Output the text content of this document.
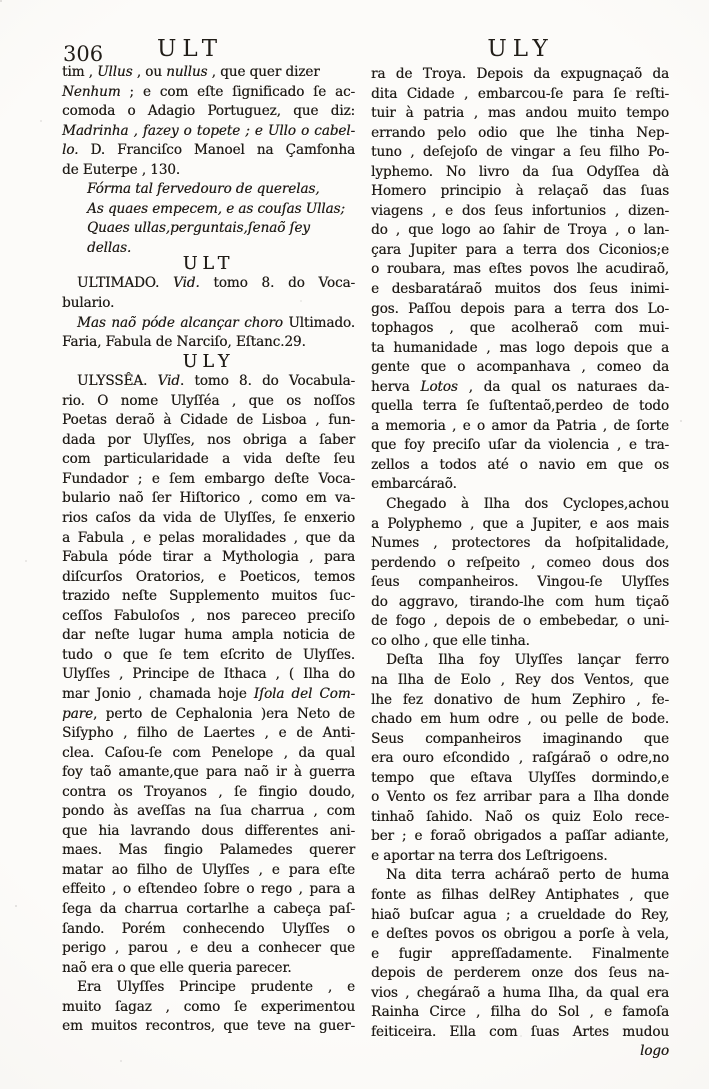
306	ULT	ULY
tim , Ullus , ou nullus , que quer dizer
Nenhum ; e com eſte ſignificado ſe ac-
comoda o Adagio Portuguez, que diz:
Madrinha , fazey o topete ; e Ullo o cabel-
lo. D. Franciſco Manoel na Çamfonha
de Euterpe , 130.
Fórma tal fervedouro de querelas,
As quaes empecem, e as couſas Ullas;
Quaes ullas,perguntais,ſenaõ ſey dellas.
ULT
ULTIMADO. Vid. tomo 8. do Voca-
bulario.
Mas naõ póde alcançar choro Ultimado.
Faria, Fabula de Narciſo, Eſtanc.29.
ULY
ULYSSÊA. Vid. tomo 8. do Vocabula-
rio. O nome Ulyſſéa , que os noſſos
Poetas deraõ à Cidade de Lisboa , fun-
dada por Ulyſſes, nos obriga a ſaber
com particularidade a vida deſte ſeu
Fundador ; e ſem embargo deſte Voca-
bulario naõ ſer Hiſtorico , como em va-
rios caſos da vida de Ulyſſes, ſe enxerio
a Fabula , e pelas moralidades , que da
Fabula póde tirar a Mythologia , para
diſcurſos Oratorios, e Poeticos, temos
trazido neſte Supplemento muitos ſuc-
ceſſos Fabuloſos , nos pareceo preciſo
dar neſte lugar huma ampla noticia de
tudo o que ſe tem eſcrito de Ulyſſes.
Ulyſſes , Principe de Ithaca , ( Ilha do
mar Jonio , chamada hoje Iſola del Com-
pare, perto de Cephalonia )era Neto de
Siſypho , filho de Laertes , e de Anti-
clea. Caſou-ſe com Penelope , da qual
foy taõ amante,que para naõ ir à guerra
contra os Troyanos , ſe fingio doudo,
pondo às aveſſas na ſua charrua , com
que hia lavrando dous differentes ani-
maes. Mas fingio Palamedes querer
matar ao filho de Ulyſſes , e para eſte
effeito , o eſtendeo ſobre o rego , para a
ſega da charrua cortarlhe a cabeça paſ-
ſando. Porém conhecendo Ulyſſes o
perigo , parou , e deu a conhecer que
naõ era o que elle queria parecer.
Era Ulyſſes Principe prudente , e
muito ſagaz , como ſe experimentou
em muitos recontros, que teve na guer-
ra de Troya. Depois da expugnaçaõ da
dita Cidade , embarcou-ſe para ſe reſti-
tuir à patria , mas andou muito tempo
errando pelo odio que lhe tinha Nep-
tuno , deſejoſo de vingar a ſeu filho Po-
lyphemo. No livro da ſua Odyſſea dà
Homero principio à relaçaõ das ſuas
viagens , e dos ſeus infortunios , dizen-
do , que logo ao ſahir de Troya , o lan-
çara Jupiter para a terra dos Ciconios;e
o roubara, mas eſtes povos lhe acudiraõ,
e desbaratáraõ muitos dos ſeus inimi-
gos. Paſſou depois para a terra dos Lo-
tophagos , que acolheraõ com mui-
ta humanidade , mas logo depois que a
gente que o acompanhava , comeo da
herva Lotos , da qual os naturaes da-
quella terra ſe ſuſtentaõ,perdeo de todo
a memoria , e o amor da Patria , de ſorte
que foy preciſo uſar da violencia , e tra-
zellos a todos até o navio em que os
embarcáraõ.
Chegado à Ilha dos Cyclopes,achou
a Polyphemo , que a Jupiter, e aos mais
Numes , protectores da hoſpitalidade,
perdendo o reſpeito , comeo dous dos
ſeus companheiros. Vingou-ſe Ulyſſes
do aggravo, tirando-lhe com hum tiçaõ
de fogo , depois de o embebedar, o uni-
co olho , que elle tinha.
Deſta Ilha foy Ulyſſes lançar ferro
na Ilha de Eolo , Rey dos Ventos, que
lhe fez donativo de hum Zephiro , fe-
chado em hum odre , ou pelle de bode.
Seus companheiros imaginando que
era ouro eſcondido , raſgáraõ o odre,no
tempo que eſtava Ulyſſes dormindo,e
o Vento os fez arribar para a Ilha donde
tinhaõ ſahido. Naõ os quiz Eolo rece-
ber ; e foraõ obrigados a paſſar adiante,
e aportar na terra dos Leſtrigoens.
Na dita terra acháraõ perto de huma
fonte as filhas delRey Antiphates , que
hiaõ buſcar agua ; a crueldade do Rey,
e deſtes povos os obrigou a porſe à vela,
e fugir appreſſadamente. Finalmente
depois de perderem onze dos ſeus na-
vios , chegáraõ a huma Ilha, da qual era
Rainha Circe , filha do Sol , e famoſa
feiticeira. Ella com ſuas Artes mudou
logo
